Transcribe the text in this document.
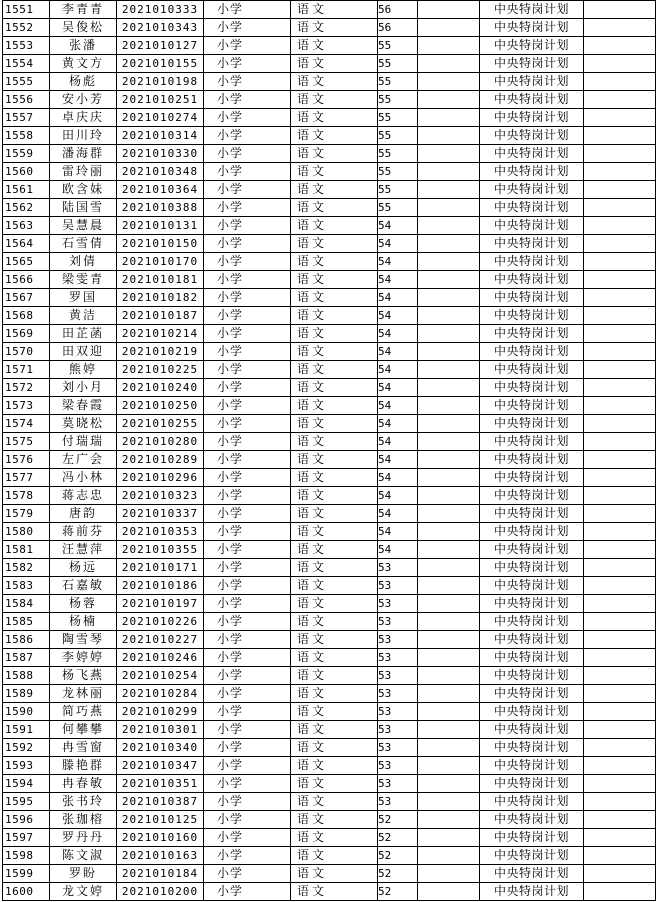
1551	李青青	2021010333	小学	语文	56		中央特岗计划	
1552	吴俊松	2021010343	小学	语文	56		中央特岗计划	
1553	张潘	2021010127	小学	语文	55		中央特岗计划	
1554	黄文方	2021010155	小学	语文	55		中央特岗计划	
1555	杨彪	2021010198	小学	语文	55		中央特岗计划	
1556	安小芳	2021010251	小学	语文	55		中央特岗计划	
1557	卓庆庆	2021010274	小学	语文	55		中央特岗计划	
1558	田川玲	2021010314	小学	语文	55		中央特岗计划	
1559	潘海群	2021010330	小学	语文	55		中央特岗计划	
1560	雷玲丽	2021010348	小学	语文	55		中央特岗计划	
1561	欧含妹	2021010364	小学	语文	55		中央特岗计划	
1562	陆国雪	2021010388	小学	语文	55		中央特岗计划	
1563	吴慧晨	2021010131	小学	语文	54		中央特岗计划	
1564	石雪倩	2021010150	小学	语文	54		中央特岗计划	
1565	刘倩	2021010170	小学	语文	54		中央特岗计划	
1566	梁雯青	2021010181	小学	语文	54		中央特岗计划	
1567	罗国	2021010182	小学	语文	54		中央特岗计划	
1568	黄洁	2021010187	小学	语文	54		中央特岗计划	
1569	田芷菡	2021010214	小学	语文	54		中央特岗计划	
1570	田双迎	2021010219	小学	语文	54		中央特岗计划	
1571	熊婷	2021010225	小学	语文	54		中央特岗计划	
1572	刘小月	2021010240	小学	语文	54		中央特岗计划	
1573	梁春霞	2021010250	小学	语文	54		中央特岗计划	
1574	莫晓松	2021010255	小学	语文	54		中央特岗计划	
1575	付瑞瑞	2021010280	小学	语文	54		中央特岗计划	
1576	左广会	2021010289	小学	语文	54		中央特岗计划	
1577	冯小林	2021010296	小学	语文	54		中央特岗计划	
1578	蒋志忠	2021010323	小学	语文	54		中央特岗计划	
1579	唐韵	2021010337	小学	语文	54		中央特岗计划	
1580	蒋前芬	2021010353	小学	语文	54		中央特岗计划	
1581	汪慧萍	2021010355	小学	语文	54		中央特岗计划	
1582	杨远	2021010171	小学	语文	53		中央特岗计划	
1583	石嘉敏	2021010186	小学	语文	53		中央特岗计划	
1584	杨蓉	2021010197	小学	语文	53		中央特岗计划	
1585	杨楠	2021010226	小学	语文	53		中央特岗计划	
1586	陶雪琴	2021010227	小学	语文	53		中央特岗计划	
1587	李婷婷	2021010246	小学	语文	53		中央特岗计划	
1588	杨飞燕	2021010254	小学	语文	53		中央特岗计划	
1589	龙林丽	2021010284	小学	语文	53		中央特岗计划	
1590	简巧燕	2021010299	小学	语文	53		中央特岗计划	
1591	何攀攀	2021010301	小学	语文	53		中央特岗计划	
1592	冉雪窗	2021010340	小学	语文	53		中央特岗计划	
1593	滕艳群	2021010347	小学	语文	53		中央特岗计划	
1594	冉春敏	2021010351	小学	语文	53		中央特岗计划	
1595	张书玲	2021010387	小学	语文	53		中央特岗计划	
1596	张珈榕	2021010125	小学	语文	52		中央特岗计划	
1597	罗丹丹	2021010160	小学	语文	52		中央特岗计划	
1598	陈文淑	2021010163	小学	语文	52		中央特岗计划	
1599	罗盼	2021010184	小学	语文	52		中央特岗计划	
1600	龙文婷	2021010200	小学	语文	52		中央特岗计划	
